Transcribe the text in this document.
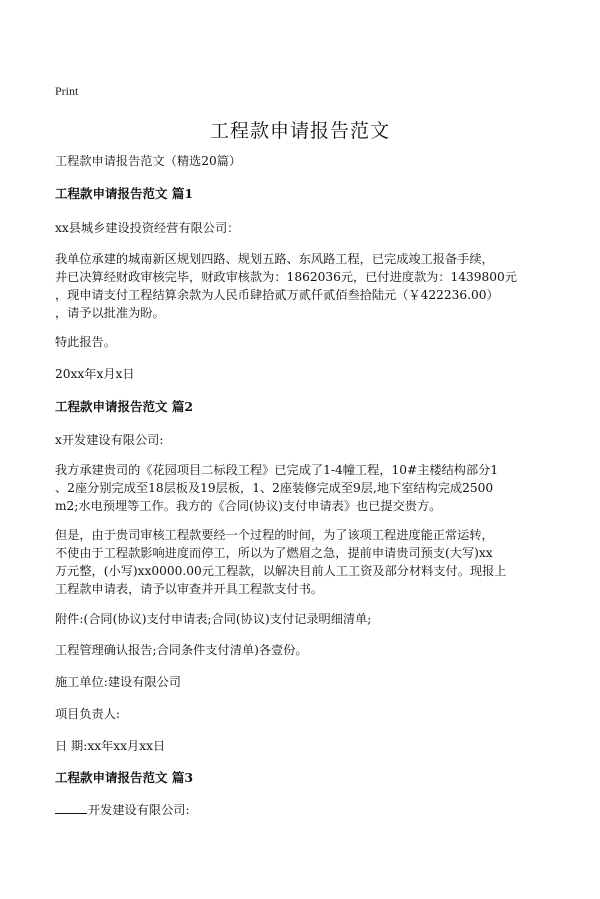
Print
工程款申请报告范文
工程款申请报告范文（精选20篇）
工程款申请报告范文 篇1
xx县城乡建设投资经营有限公司：
我单位承建的城南新区规划四路、规划五路、东风路工程，已完成竣工报备手续，
并已决算经财政审核完毕，财政审核款为：1862036元，已付进度款为：1439800元
，现申请支付工程结算余款为人民币肆拾贰万贰仟贰佰叁拾陆元（￥422236.00）
，请予以批准为盼。
特此报告。
20xx年x月x日
工程款申请报告范文 篇2
x开发建设有限公司:
我方承建贵司的《花园项目二标段工程》已完成了1-4幢工程，10#主楼结构部分1
、2座分别完成至18层板及19层板，1、2座装修完成至9层,地下室结构完成2500
m2;水电预埋等工作。我方的《合同(协议)支付申请表》也已提交贵方。
但是，由于贵司审核工程款要经一个过程的时间，为了该项工程进度能正常运转，
不使由于工程款影响进度而停工，所以为了燃眉之急，提前申请贵司预支(大写)xx
万元整，(小写)xx0000.00元工程款，以解决目前人工工资及部分材料支付。现报上
工程款申请表，请予以审查并开具工程款支付书。
附件:(合同(协议)支付申请表;合同(协议)支付记录明细清单;
工程管理确认报告;合同条件支付清单)各壹份。
施工单位:建设有限公司
项目负责人:
日 期:xx年xx月xx日
工程款申请报告范文 篇3
开发建设有限公司:
